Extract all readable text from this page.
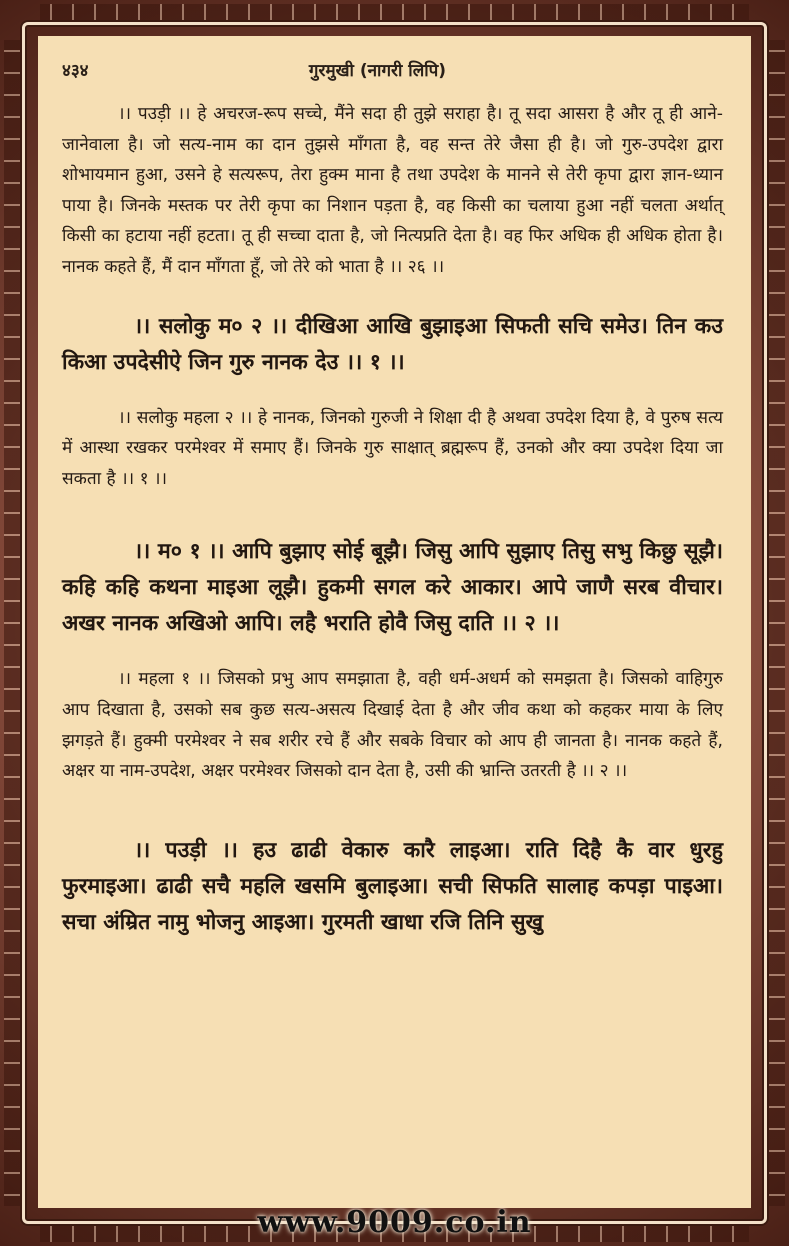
४३४	गुरमुखी (नागरी लिपि)

।। पउड़ी ।। हे अचरज-रूप सच्चे, मैंने सदा ही तुझे सराहा है। तू सदा आसरा है और तू ही आने-जानेवाला है। जो सत्य-नाम का दान तुझसे माँगता है, वह सन्त तेरे जैसा ही है। जो गुरु-उपदेश द्वारा शोभायमान हुआ, उसने हे सत्यरूप, तेरा हुक्म माना है तथा उपदेश के मानने से तेरी कृपा द्वारा ज्ञान-ध्यान पाया है। जिनके मस्तक पर तेरी कृपा का निशान पड़ता है, वह किसी का चलाया हुआ नहीं चलता अर्थात् किसी का हटाया नहीं हटता। तू ही सच्चा दाता है, जो नित्यप्रति देता है। वह फिर अधिक ही अधिक होता है। नानक कहते हैं, मैं दान माँगता हूँ, जो तेरे को भाता है ।। २६ ।।

।। सलोकु म० २ ।। दीखिआ आखि बुझाइआ सिफती सचि समेउ। तिन कउ किआ उपदेसीऐ जिन गुरु नानक देउ ।। १ ।।

।। सलोकु महला २ ।। हे नानक, जिनको गुरुजी ने शिक्षा दी है अथवा उपदेश दिया है, वे पुरुष सत्य में आस्था रखकर परमेश्वर में समाए हैं। जिनके गुरु साक्षात् ब्रह्मरूप हैं, उनको और क्या उपदेश दिया जा सकता है ।। १ ।।

।। म० १ ।। आपि बुझाए सोई बूझै। जिसु आपि सुझाए तिसु सभु किछु सूझै। कहि कहि कथना माइआ लूझै। हुकमी सगल करे आकार। आपे जाणै सरब वीचार। अखर नानक अखिओ आपि। लहै भराति होवै जिसु दाति ।। २ ।।

।। महला १ ।। जिसको प्रभु आप समझाता है, वही धर्म-अधर्म को समझता है। जिसको वाहिगुरु आप दिखाता है, उसको सब कुछ सत्य-असत्य दिखाई देता है और जीव कथा को कहकर माया के लिए झगड़ते हैं। हुक्मी परमेश्वर ने सब शरीर रचे हैं और सबके विचार को आप ही जानता है। नानक कहते हैं, अक्षर या नाम-उपदेश, अक्षर परमेश्वर जिसको दान देता है, उसी की भ्रान्ति उतरती है ।। २ ।।

।। पउड़ी ।। हउ ढाढी वेकारु कारै लाइआ। राति दिहै कै वार धुरहु फुरमाइआ। ढाढी सचै महलि खसमि बुलाइआ। सची सिफति सालाह कपड़ा पाइआ। सचा अंम्रित नामु भोजनु आइआ। गुरमती खाधा रजि तिनि सुखु

www.9009.co.in
